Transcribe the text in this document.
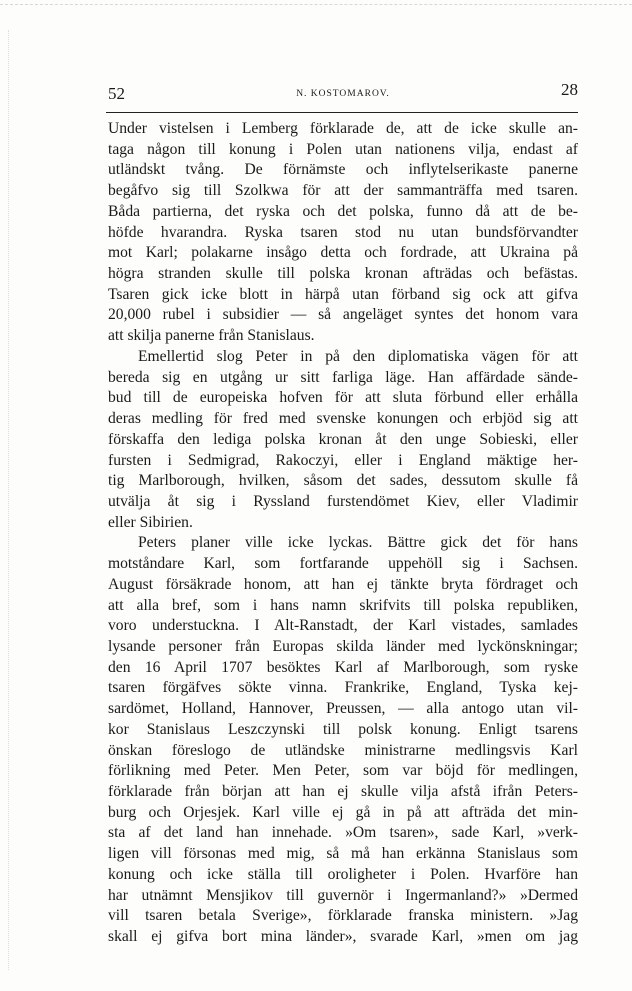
52	N. KOSTOMAROV.	28
Under vistelsen i Lemberg förklarade de, att de icke skulle an-
taga någon till konung i Polen utan nationens vilja, endast af
utländskt tvång. De förnämste och inflytelserikaste panerne
begåfvo sig till Szolkwa för att der sammanträffa med tsaren.
Båda partierna, det ryska och det polska, funno då att de be-
höfde hvarandra. Ryska tsaren stod nu utan bundsförvandter
mot Karl; polakarne insågo detta och fordrade, att Ukraina på
högra stranden skulle till polska kronan afträdas och befästas.
Tsaren gick icke blott in härpå utan förband sig ock att gifva
20,000 rubel i subsidier — så angeläget syntes det honom vara
att skilja panerne från Stanislaus.
Emellertid slog Peter in på den diplomatiska vägen för att
bereda sig en utgång ur sitt farliga läge. Han affärdade sände-
bud till de europeiska hofven för att sluta förbund eller erhålla
deras medling för fred med svenske konungen och erbjöd sig att
förskaffa den lediga polska kronan åt den unge Sobieski, eller
fursten i Sedmigrad, Rakoczyi, eller i England mäktige her-
tig Marlborough, hvilken, såsom det sades, dessutom skulle få
utvälja åt sig i Ryssland furstendömet Kiev, eller Vladimir
eller Sibirien.
Peters planer ville icke lyckas. Bättre gick det för hans
motståndare Karl, som fortfarande uppehöll sig i Sachsen.
August försäkrade honom, att han ej tänkte bryta fördraget och
att alla bref, som i hans namn skrifvits till polska republiken,
voro understuckna. I Alt-Ranstadt, der Karl vistades, samlades
lysande personer från Europas skilda länder med lyckönskningar;
den 16 April 1707 besöktes Karl af Marlborough, som ryske
tsaren förgäfves sökte vinna. Frankrike, England, Tyska kej-
sardömet, Holland, Hannover, Preussen, — alla antogo utan vil-
kor Stanislaus Leszczynski till polsk konung. Enligt tsarens
önskan föreslogo de utländske ministrarne medlingsvis Karl
förlikning med Peter. Men Peter, som var böjd för medlingen,
förklarade från början att han ej skulle vilja afstå ifrån Peters-
burg och Orjesjek. Karl ville ej gå in på att afträda det min-
sta af det land han innehade. »Om tsaren», sade Karl, »verk-
ligen vill försonas med mig, så må han erkänna Stanislaus som
konung och icke ställa till oroligheter i Polen. Hvarföre han
har utnämnt Mensjikov till guvernör i Ingermanland?» »Dermed
vill tsaren betala Sverige», förklarade franska ministern. »Jag
skall ej gifva bort mina länder», svarade Karl, »men om jag
